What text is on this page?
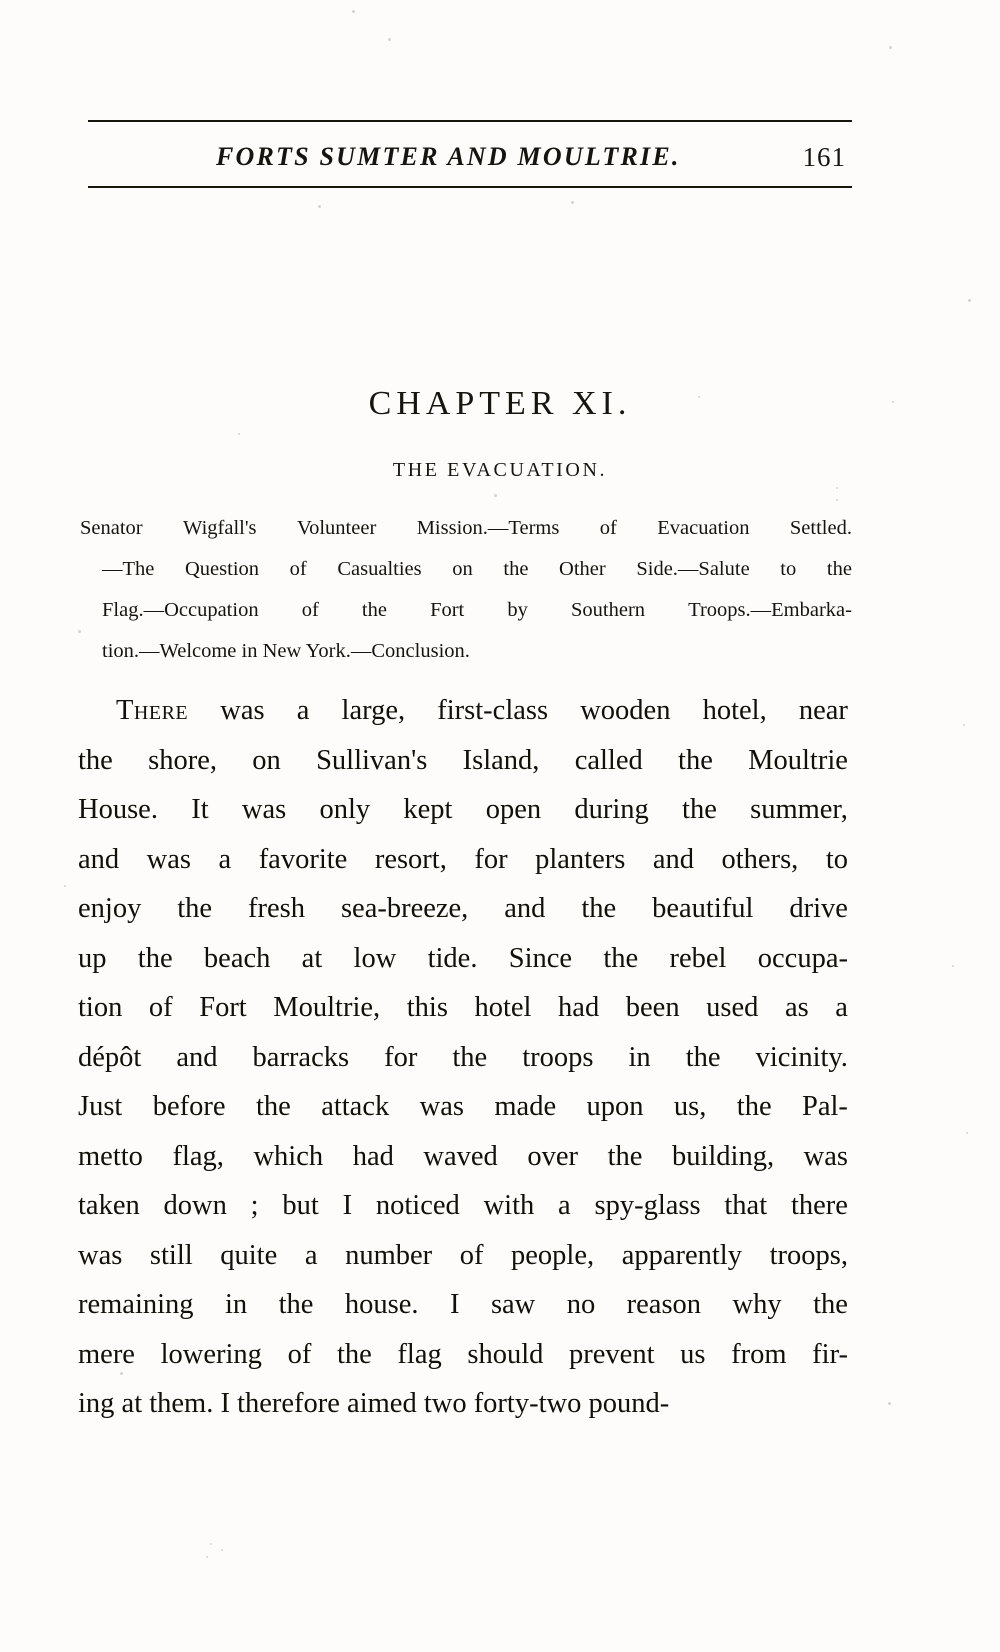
FORTS SUMTER AND MOULTRIE.	161
CHAPTER XI.
THE EVACUATION.
Senator Wigfall's Volunteer Mission.—Terms of Evacuation Settled.
—The Question of Casualties on the Other Side.—Salute to the
Flag.—Occupation of the Fort by Southern Troops.—Embarka-
tion.—Welcome in New York.—Conclusion.
There was a large, first-class wooden hotel, near
the shore, on Sullivan's Island, called the Moultrie
House. It was only kept open during the summer,
and was a favorite resort, for planters and others, to
enjoy the fresh sea-breeze, and the beautiful drive
up the beach at low tide. Since the rebel occupa-
tion of Fort Moultrie, this hotel had been used as a
dépôt and barracks for the troops in the vicinity.
Just before the attack was made upon us, the Pal-
metto flag, which had waved over the building, was
taken down ; but I noticed with a spy-glass that there
was still quite a number of people, apparently troops,
remaining in the house. I saw no reason why the
mere lowering of the flag should prevent us from fir-
ing at them. I therefore aimed two forty-two pound-
